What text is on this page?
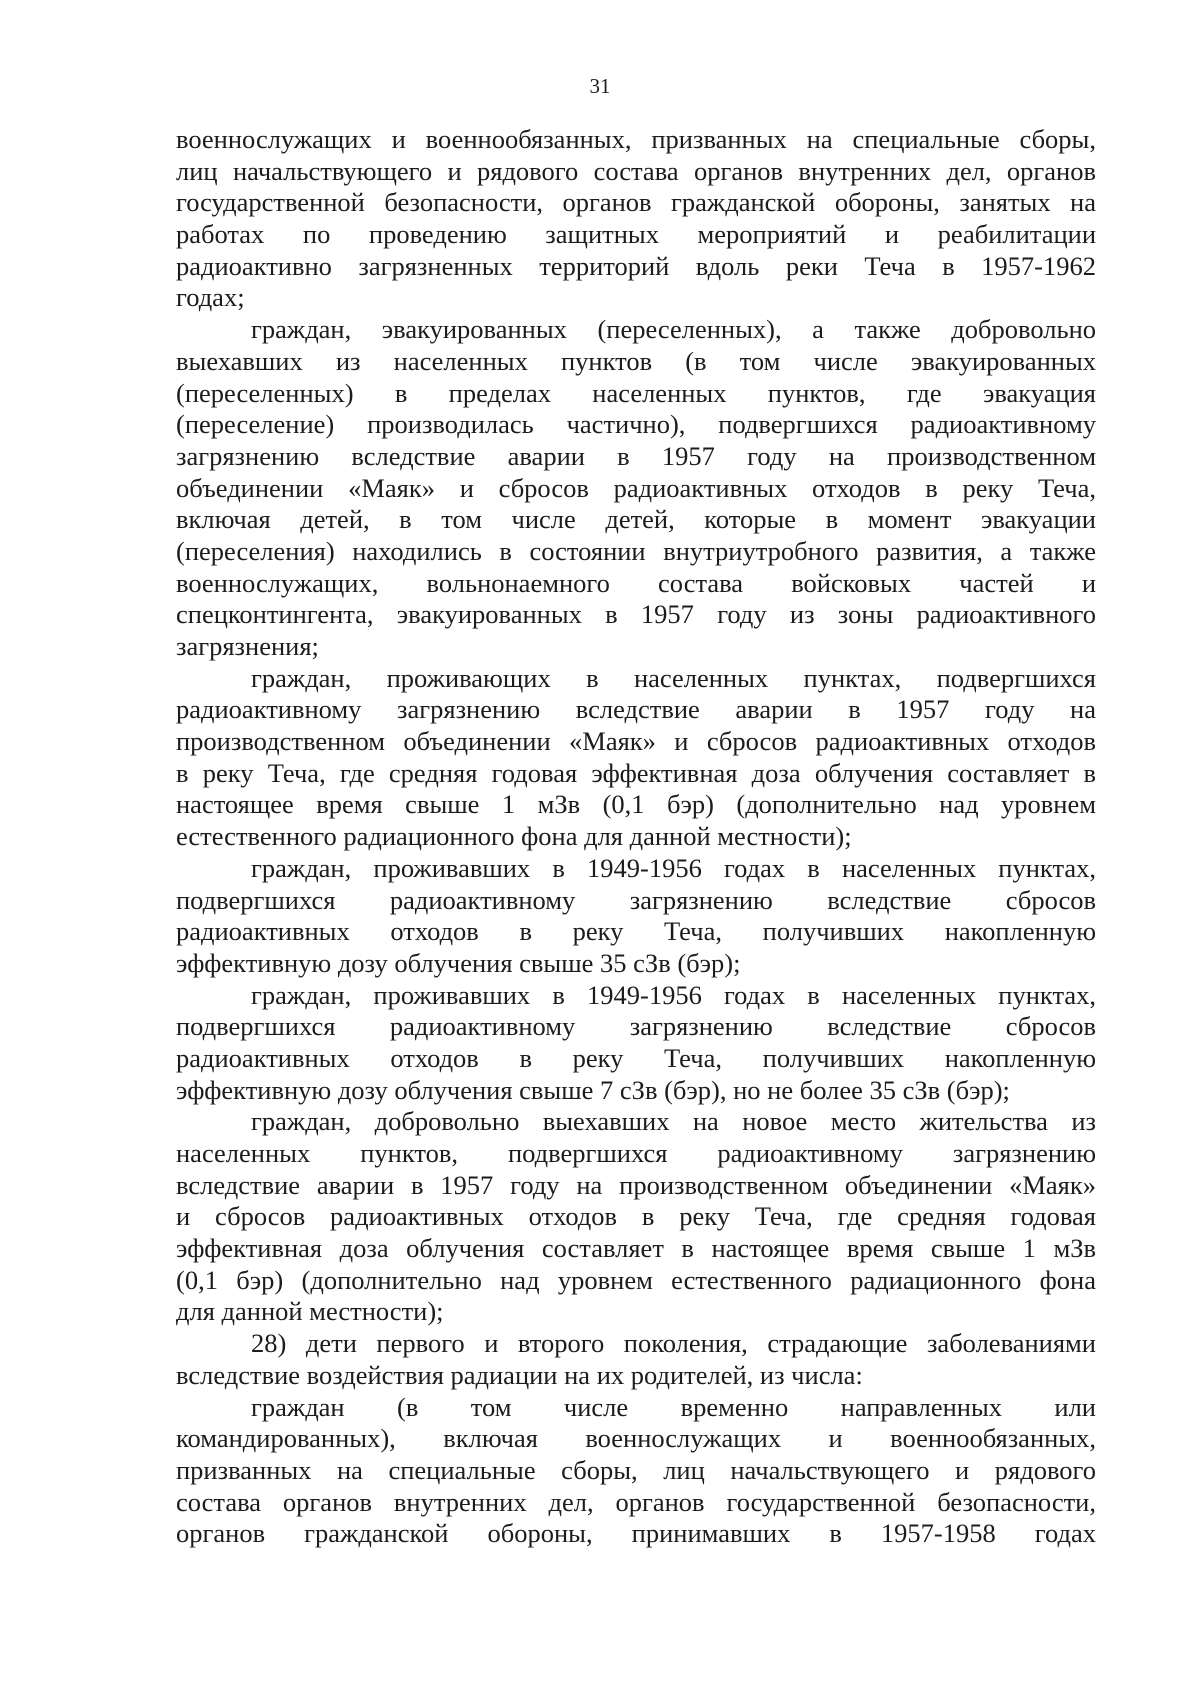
31
военнослужащих и военнообязанных, призванных на специальные сборы,
лиц начальствующего и рядового состава органов внутренних дел, органов
государственной безопасности, органов гражданской обороны, занятых на
работах по проведению защитных мероприятий и реабилитации
радиоактивно загрязненных территорий вдоль реки Теча в 1957-1962
годах;
граждан, эвакуированных (переселенных), а также добровольно
выехавших из населенных пунктов (в том числе эвакуированных
(переселенных) в пределах населенных пунктов, где эвакуация
(переселение) производилась частично), подвергшихся радиоактивному
загрязнению вследствие аварии в 1957 году на производственном
объединении «Маяк» и сбросов радиоактивных отходов в реку Теча,
включая детей, в том числе детей, которые в момент эвакуации
(переселения) находились в состоянии внутриутробного развития, а также
военнослужащих, вольнонаемного состава войсковых частей и
спецконтингента, эвакуированных в 1957 году из зоны радиоактивного
загрязнения;
граждан, проживающих в населенных пунктах, подвергшихся
радиоактивному загрязнению вследствие аварии в 1957 году на
производственном объединении «Маяк» и сбросов радиоактивных отходов
в реку Теча, где средняя годовая эффективная доза облучения составляет в
настоящее время свыше 1 мЗв (0,1 бэр) (дополнительно над уровнем
естественного радиационного фона для данной местности);
граждан, проживавших в 1949-1956 годах в населенных пунктах,
подвергшихся радиоактивному загрязнению вследствие сбросов
радиоактивных отходов в реку Теча, получивших накопленную
эффективную дозу облучения свыше 35 сЗв (бэр);
граждан, проживавших в 1949-1956 годах в населенных пунктах,
подвергшихся радиоактивному загрязнению вследствие сбросов
радиоактивных отходов в реку Теча, получивших накопленную
эффективную дозу облучения свыше 7 сЗв (бэр), но не более 35 сЗв (бэр);
граждан, добровольно выехавших на новое место жительства из
населенных пунктов, подвергшихся радиоактивному загрязнению
вследствие аварии в 1957 году на производственном объединении «Маяк»
и сбросов радиоактивных отходов в реку Теча, где средняя годовая
эффективная доза облучения составляет в настоящее время свыше 1 мЗв
(0,1 бэр) (дополнительно над уровнем естественного радиационного фона
для данной местности);
28) дети первого и второго поколения, страдающие заболеваниями
вследствие воздействия радиации на их родителей, из числа:
граждан (в том числе временно направленных или
командированных), включая военнослужащих и военнообязанных,
призванных на специальные сборы, лиц начальствующего и рядового
состава органов внутренних дел, органов государственной безопасности,
органов гражданской обороны, принимавших в 1957-1958 годах
